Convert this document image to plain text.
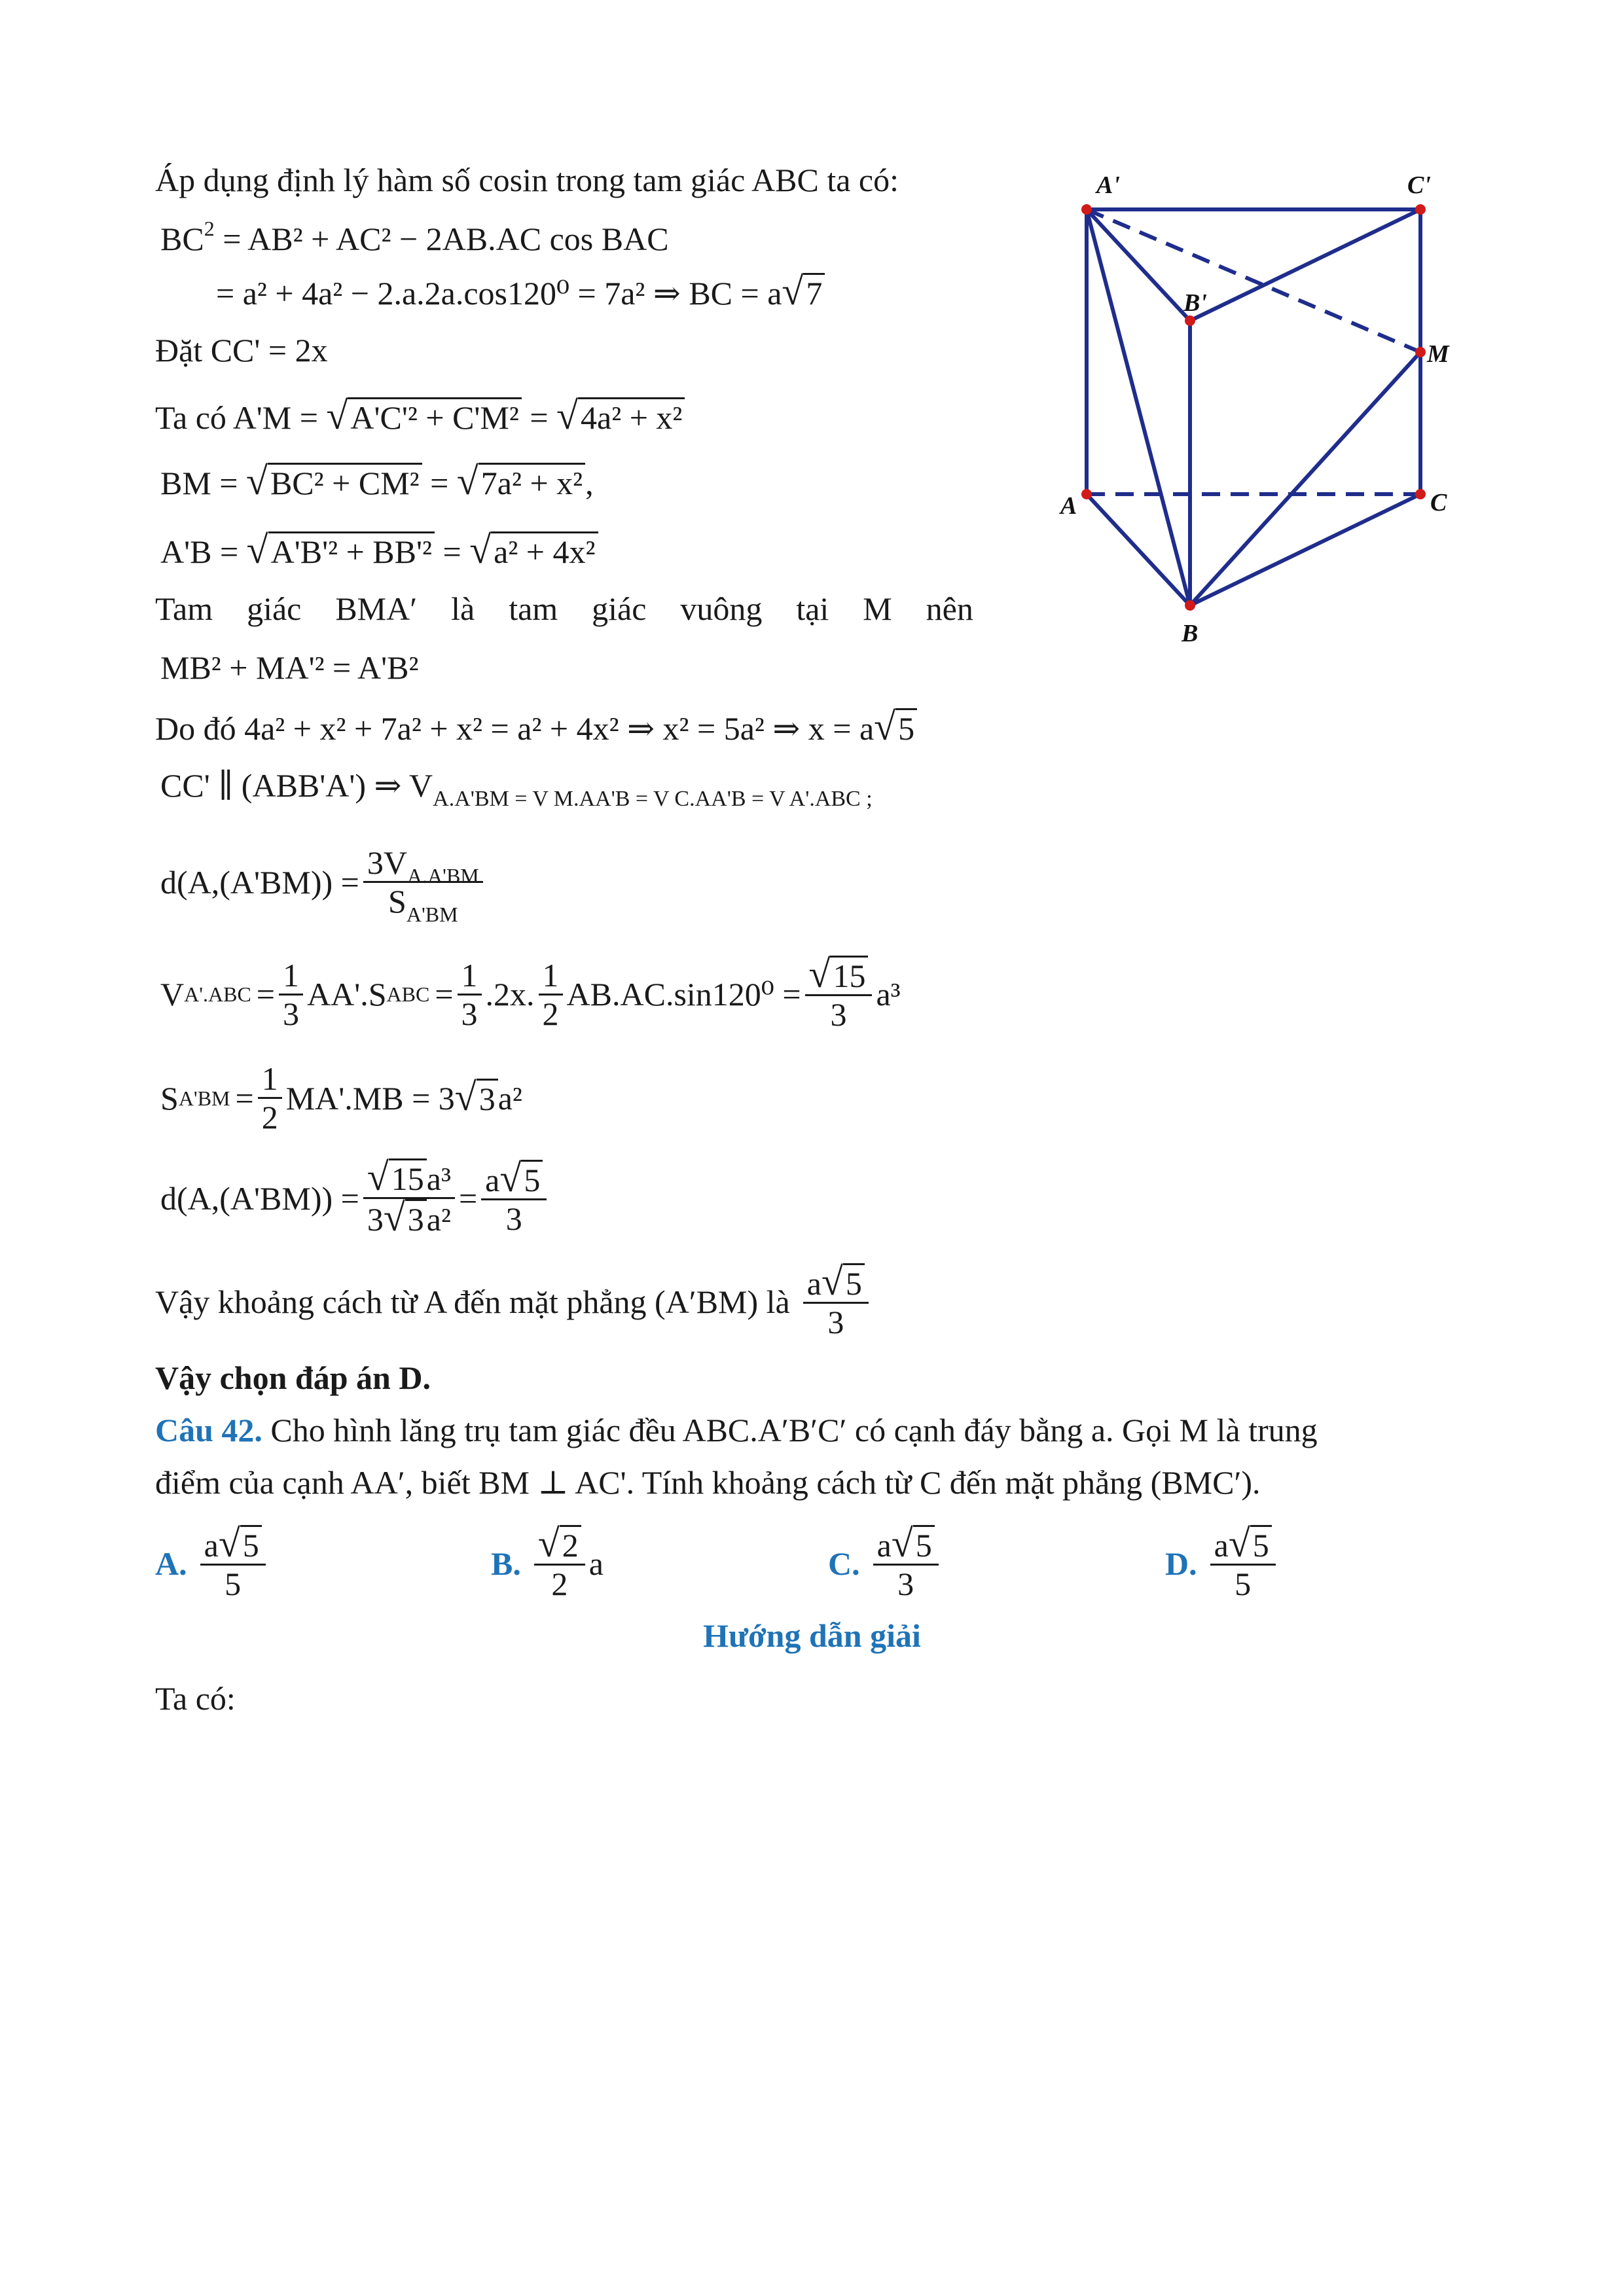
Áp dụng định lý hàm số cosin trong tam giác ABC ta có:
$BC^2 = AB^2 + AC^2 - 2AB.AC$ cos BAC
= a² + 4a² − 2.a.2a.cos120⁰ = 7a² ⇒ BC = a√7
Đặt CC' = 2x
Ta có A'M = √A'C'² + C'M² = √4a² + x²
BM = √BC² + CM² = √7a² + x²,
A'B = √A'B'² + BB'² = √a² + 4x²
Tam giác BMA′ là tam giác vuông tại M nên
MB² + MA'² = A'B²
Do đó 4a² + x² + 7a² + x² = a² + 4x² ⇒ x² = 5a² ⇒ x = a√5
CC' ∥ (ABB'A') ⇒ $V_{A.A'BM = V M.AA'B = V C.AA'B = V A'.ABC ;}$
$d(A,(A'BM)) = \frac{3V_{A.A'BM}}{S_{A'BM}}$
V $A'.ABC = \frac{1}{3} AA'.S$ ABC = $\frac{1}{3} .2x$. $\frac{1}{2} AB.AC.\sin 120^0 = \frac{√15}{3} a^3$
S $A'BM = \frac{1}{2} MA'.MB = 3$ √3 a²
$d(A,(A'BM)) = \frac{\text{√15a³}}{\text{3√3a²}} = \frac{a√5}{3}$
Vậy khoảng cách từ A đến mặt phẳng (A′BM) là $\frac{a√5}{3}$
Vậy chọn đáp án D.
Câu 42. Cho hình lăng trụ tam giác đều ABC.A′B′C′ có cạnh đáy bằng a. Gọi M là trung
điểm của cạnh AA′, biết BM ⊥ AC'. Tính khoảng cách từ C đến mặt phẳng (BMC′).
A. $\frac{a√5}{5}$	B. $\frac{√2}{2}$ a	C. $\frac{a√5}{3}$	D. $\frac{a√5}{5}$
Hướng dẫn giải
Ta có:
A'	C'
B'
M
A	C
B
